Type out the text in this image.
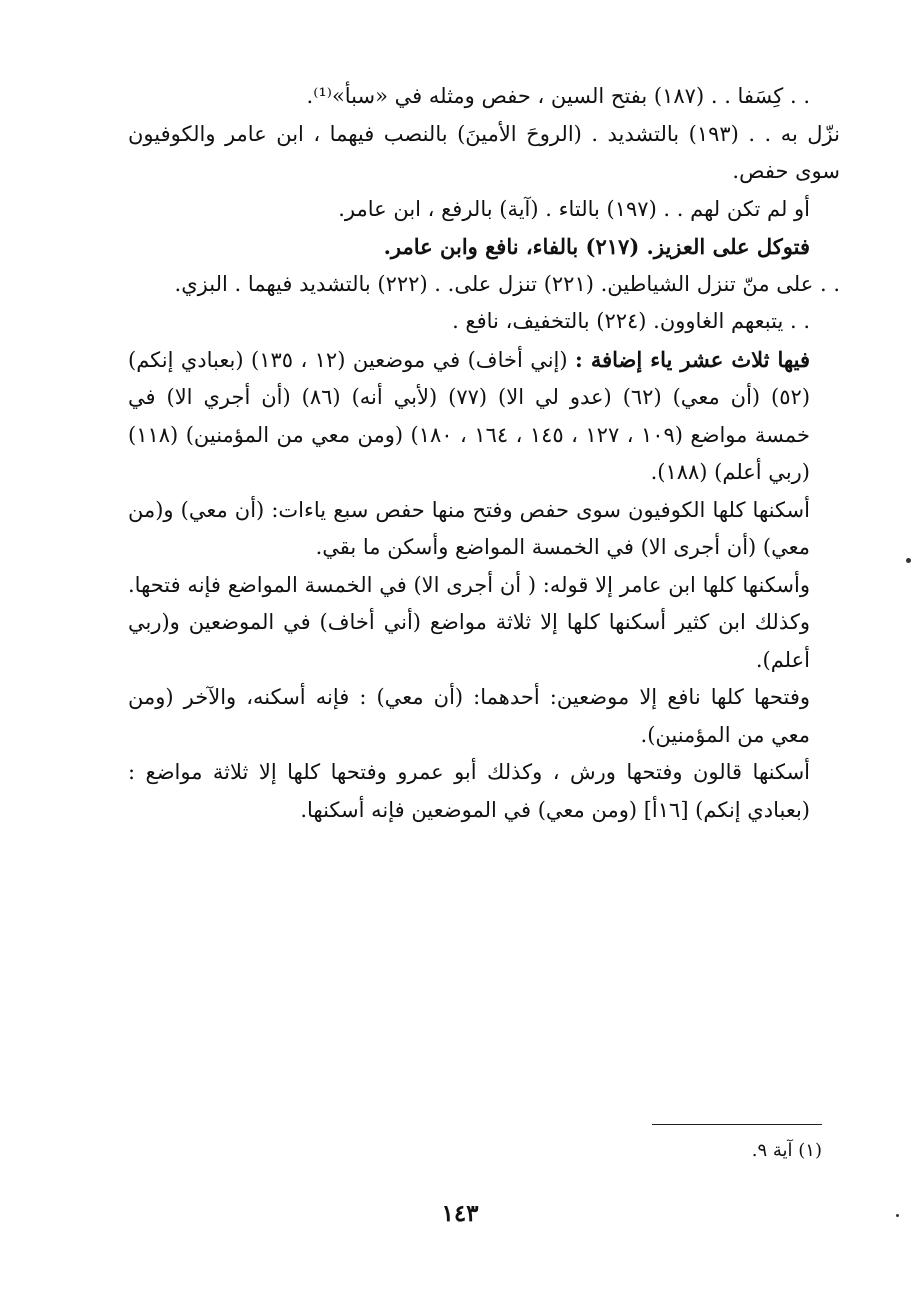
. . كِسَفا . . (١٨٧) بفتح السين ، حفص ومثله في «سبأ»⁽¹⁾.

نزّل به . . (١٩٣) بالتشديد . (الروحَ الأمينَ) بالنصب فيهما ، ابن عامر والكوفيون سوى حفص.

أو لم تكن لهم . . (١٩٧) بالتاء . (آية) بالرفع ، ابن عامر.

فتوكل على العزيز. (٢١٧) بالفاء، نافع وابن عامر.

. . على منّ تنزل الشياطين. (٢٢١) تنزل على. . (٢٢٢) بالتشديد فيهما . البزي.

. . يتبعهم الغاوون. (٢٢٤) بالتخفيف، نافع .

فيها ثلاث عشر ياء إضافة : (إني أخاف) في موضعين (١٢ ، ١٣٥) (بعبادي إنكم) (٥٢) (أن معي) (٦٢) (عدو لي الا) (٧٧) (لأبي أنه) (٨٦) (أن أجري الا) في خمسة مواضع (١٠٩ ، ١٢٧ ، ١٤٥ ، ١٦٤ ، ١٨٠) (ومن معي من المؤمنين) (١١٨) (ربي أعلم) (١٨٨).

أسكنها كلها الكوفيون سوى حفص وفتح منها حفص سبع ياءات: (أن معي) و(من معي) (أن أجرى الا) في الخمسة المواضع وأسكن ما بقي.

وأسكنها كلها ابن عامر إلا قوله: ( أن أجرى الا) في الخمسة المواضع فإنه فتحها. وكذلك ابن كثير أسكنها كلها إلا ثلاثة مواضع (أني أخاف) في الموضعين و(ربي أعلم).

وفتحها كلها نافع إلا موضعين: أحدهما: (أن معي) : فإنه أسكنه، والآخر (ومن معي من المؤمنين).

أسكنها قالون وفتحها ورش ، وكذلك أبو عمرو وفتحها كلها إلا ثلاثة مواضع : (بعبادي إنكم) [١٦أ] (ومن معي) في الموضعين فإنه أسكنها.

(١) آية ٩.
١٤٣
